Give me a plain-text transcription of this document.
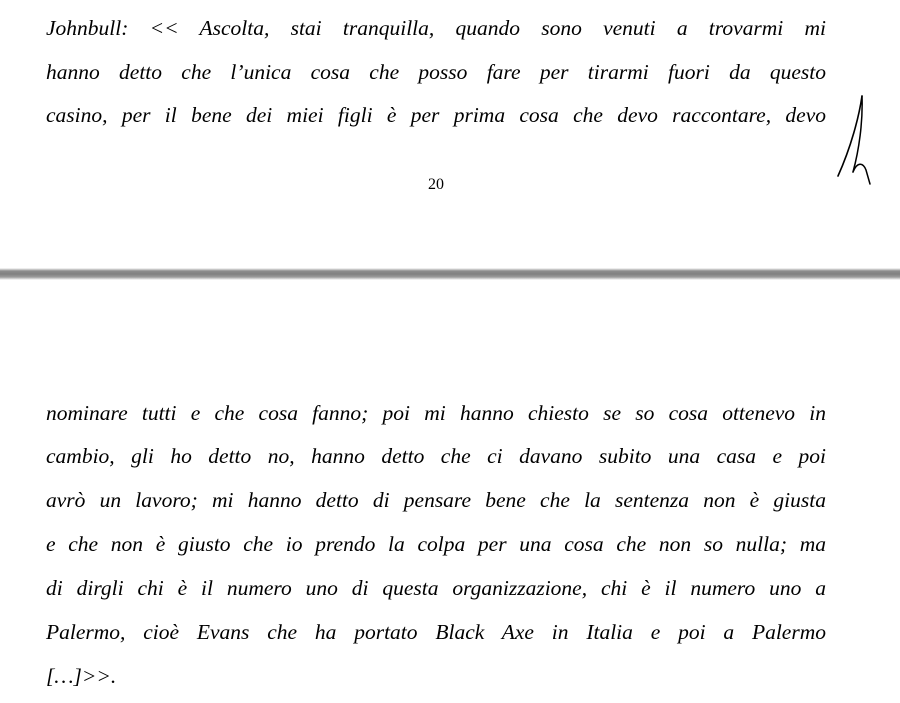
Johnbull: << Ascolta, stai tranquilla, quando sono venuti a trovarmi mi
hanno detto che l’unica cosa che posso fare per tirarmi fuori da questo
casino, per il bene dei miei figli è per prima cosa che devo raccontare, devo
20
nominare tutti e che cosa fanno; poi mi hanno chiesto se so cosa ottenevo in
cambio, gli ho detto no, hanno detto che ci davano subito una casa e poi
avrò un lavoro; mi hanno detto di pensare bene che la sentenza non è giusta
e che non è giusto che io prendo la colpa per una cosa che non so nulla; ma
di dirgli chi è il numero uno di questa organizzazione, chi è il numero uno a
Palermo, cioè Evans che ha portato Black Axe in Italia e poi a Palermo
[…]>>.
